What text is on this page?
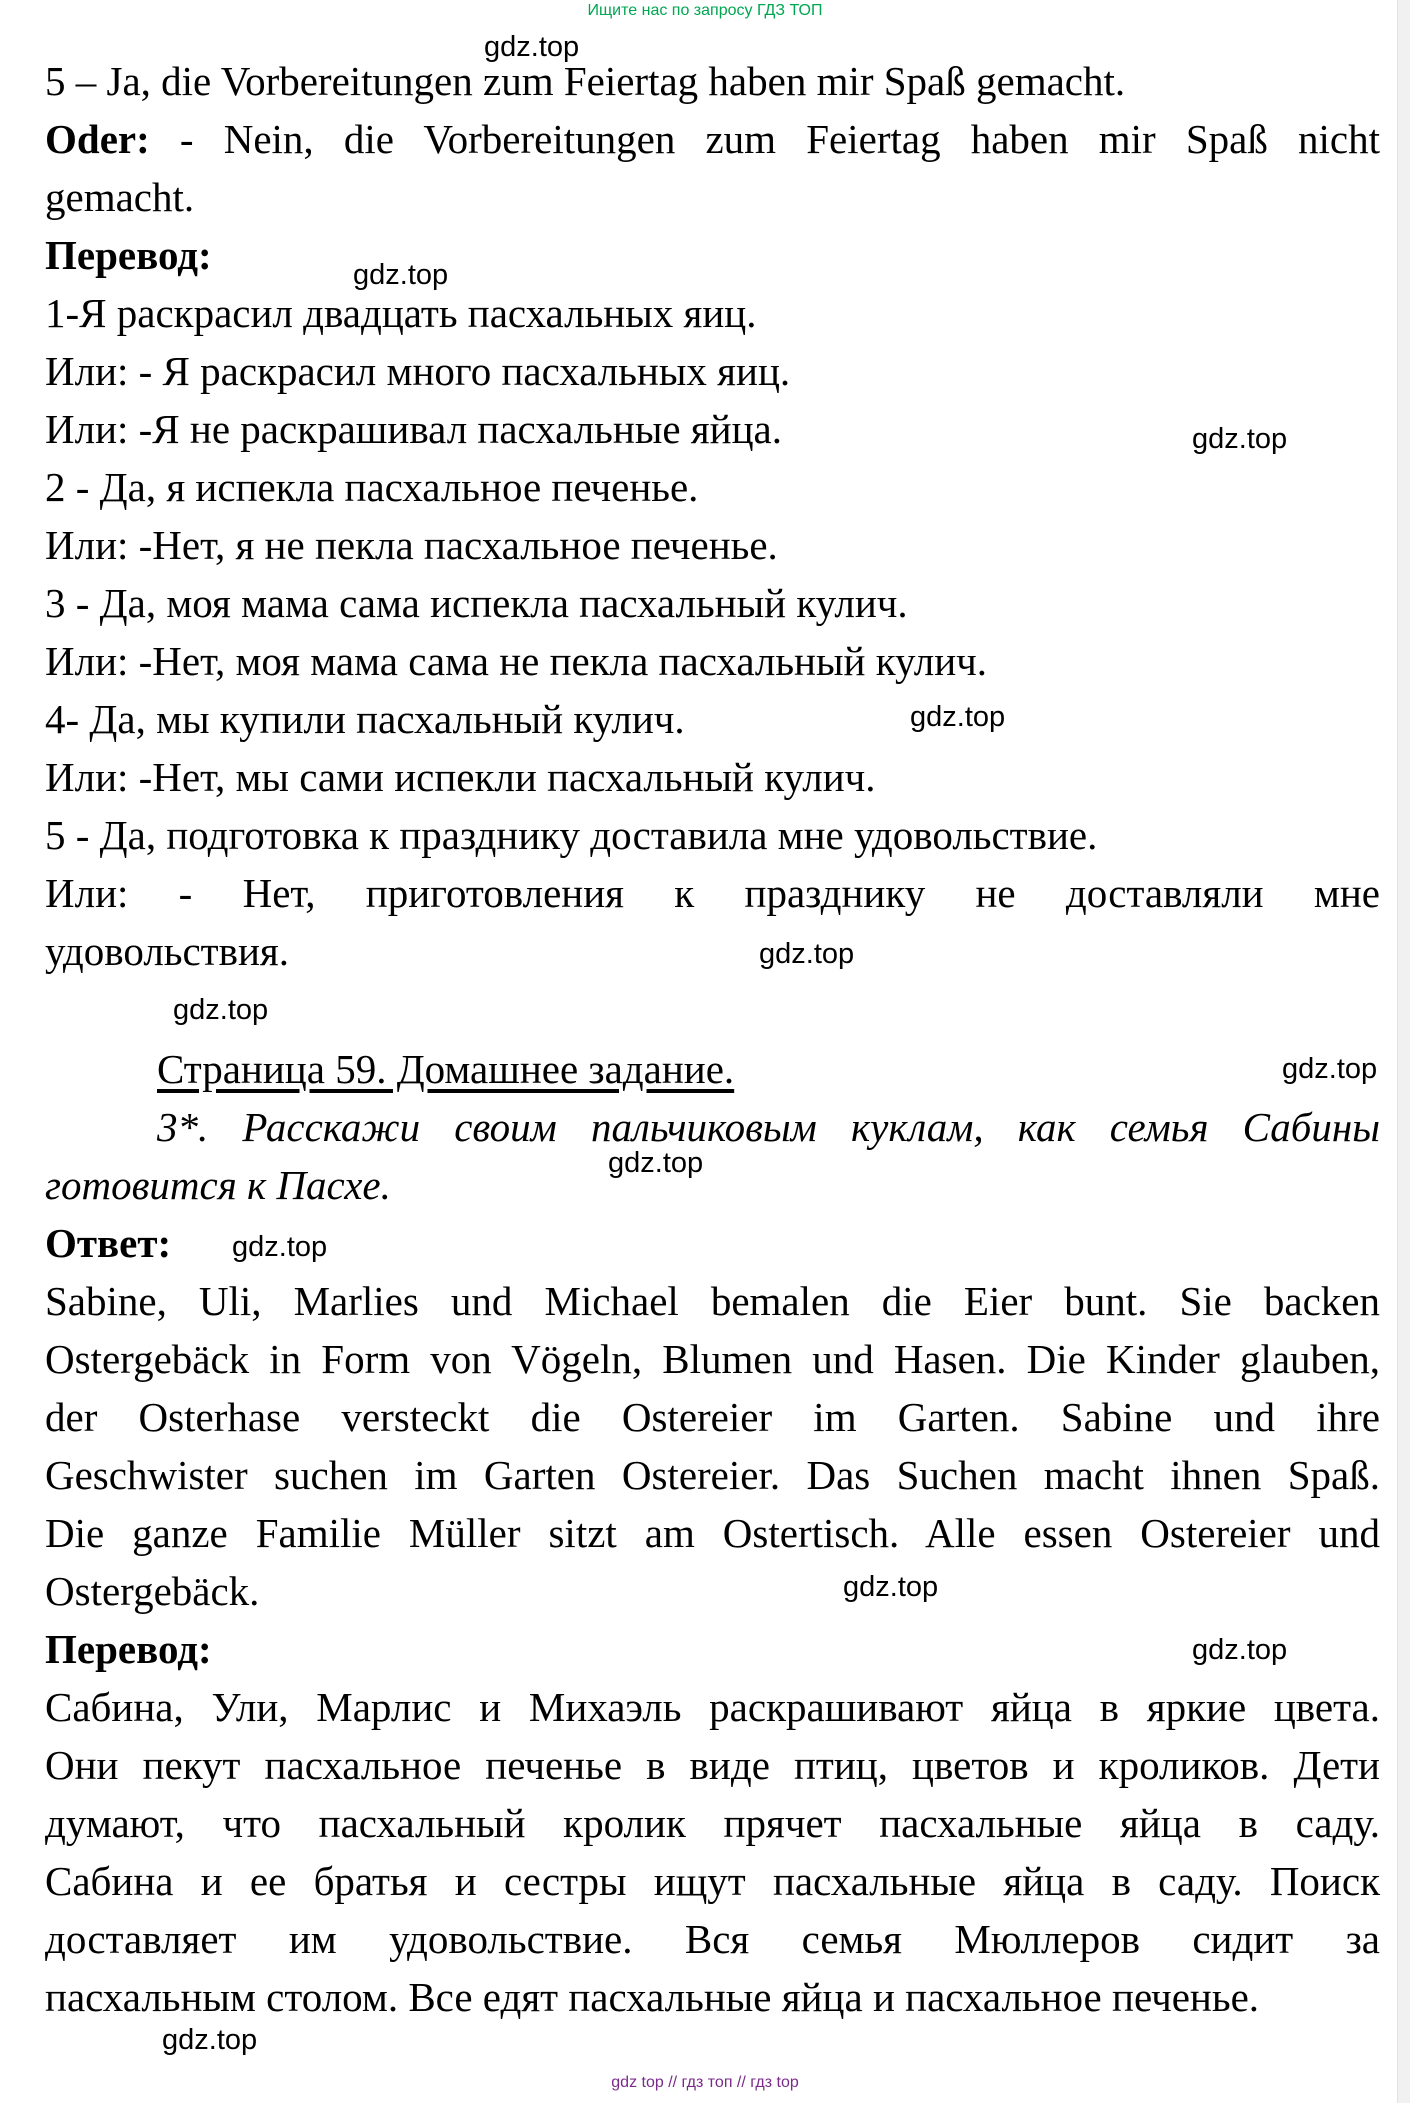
Ищите нас по запросу ГДЗ ТОП
5 – Ja, die Vorbereitungen zum Feiertag haben mir Spaß gemacht.
Oder: - Nein, die Vorbereitungen zum Feiertag haben mir Spaß nicht
gemacht.
Перевод:
1-Я раскрасил двадцать пасхальных яиц.
Или: - Я раскрасил много пасхальных яиц.
Или: -Я не раскрашивал пасхальные яйца.
2 - Да, я испекла пасхальное печенье.
Или: -Нет, я не пекла пасхальное печенье.
3 - Да, моя мама сама испекла пасхальный кулич.
Или: -Нет, моя мама сама не пекла пасхальный кулич.
4- Да, мы купили пасхальный кулич.
Или: -Нет, мы сами испекли пасхальный кулич.
5 - Да, подготовка к празднику доставила мне удовольствие.
Или: - Нет, приготовления к празднику не доставляли мне
удовольствия.
Страница 59. Домашнее задание.
3*. Расскажи своим пальчиковым куклам, как семья Сабины
готовится к Пасхе.
Ответ:
Sabine, Uli, Marlies und Michael bemalen die Eier bunt. Sie backen
Ostergebäck in Form von Vögeln, Blumen und Hasen. Die Kinder glauben,
der Osterhase versteckt die Ostereier im Garten. Sabine und ihre
Geschwister suchen im Garten Ostereier. Das Suchen macht ihnen Spaß.
Die ganze Familie Müller sitzt am Ostertisch. Alle essen Ostereier und
Ostergebäck.
Перевод:
Сабина, Ули, Марлис и Михаэль раскрашивают яйца в яркие цвета.
Они пекут пасхальное печенье в виде птиц, цветов и кроликов. Дети
думают, что пасхальный кролик прячет пасхальные яйца в саду.
Сабина и ее братья и сестры ищут пасхальные яйца в саду. Поиск
доставляет им удовольствие. Вся семья Мюллеров сидит за
пасхальным столом. Все едят пасхальные яйца и пасхальное печенье.
gdz.top
gdz.top
gdz.top
gdz.top
gdz.top
gdz.top
gdz.top
gdz.top
gdz.top
gdz.top
gdz.top
gdz.top
gdz top // гдз топ // гдз top
